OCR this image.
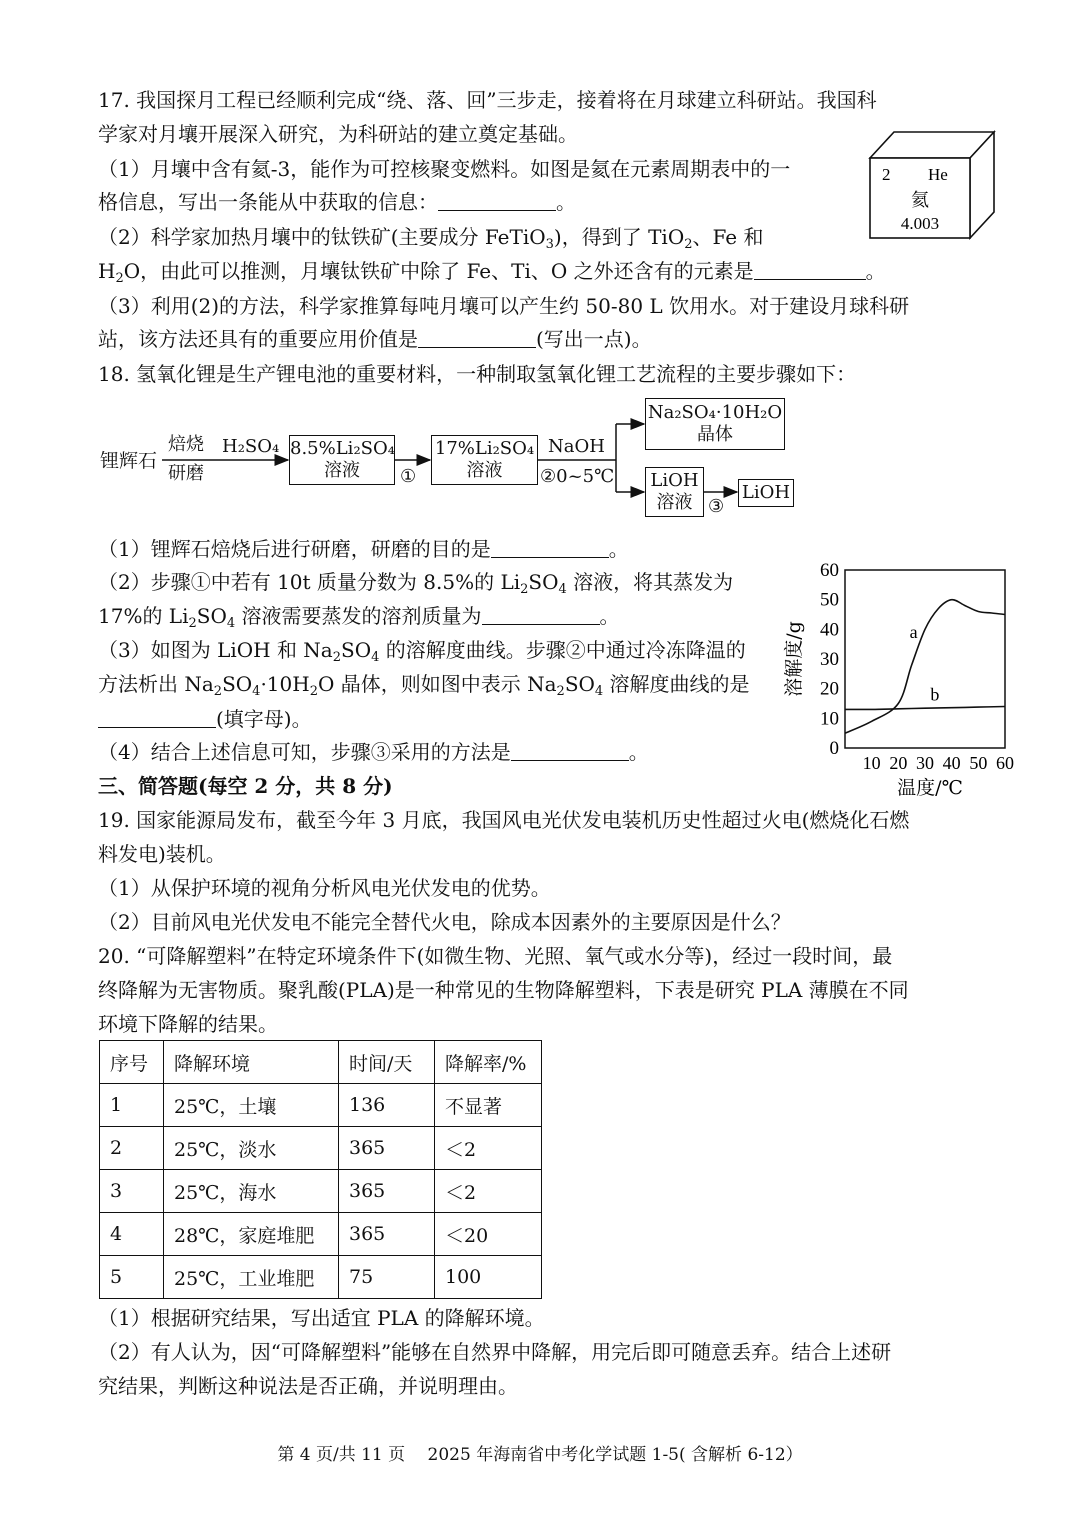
17. 我国探月工程已经顺利完成“绕、落、回”三步走，接着将在月球建立科研站。我国科
学家对月壤开展深入研究，为科研站的建立奠定基础。
（1）月壤中含有氦-3，能作为可控核聚变燃料。如图是氦在元素周期表中的一
格信息，写出一条能从中获取的信息：	。
（2）科学家加热月壤中的钛铁矿(主要成分 FeTiO$_3$)，得到了 TiO$_2$、Fe 和
$H_2O$，由此可以推测，月壤钛铁矿中除了 Fe、Ti、O 之外还含有的元素是	。
（3）利用(2)的方法，科学家推算每吨月壤可以产生约 50-80 L 饮用水。对于建设月球科研
站，该方法还具有的重要应用价值是	(写出一点)。
2 He
氦
4.003
18. 氢氧化锂是生产锂电池的重要材料，一种制取氢氧化锂工艺流程的主要步骤如下：
锂辉石
焙烧
研磨
H₂SO₄ 8.5%Li₂SO₄
溶液	①
17%Li₂SO₄
溶液
NaOH
②0~5℃
Na₂SO₄·10H₂O
晶体
LiOH
溶液 ③
LiOH
（1）锂辉石焙烧后进行研磨，研磨的目的是	。
（2）步骤①中若有 10t 质量分数为 8.5%的 $Li_2SO_4$ 溶液，将其蒸发为
17%的 $Li_2SO_4$ 溶液需要蒸发的溶剂质量为	。
（3）如图为 LiOH 和 $Na_2SO_4$ 的溶解度曲线。步骤②中通过冷冻降温的
方法析出 $Na_2SO_4\cdot 10H_2O$ 晶体，则如图中表示 $Na_2SO_4$ 溶解度曲线的是
(填字母)。
（4）结合上述信息可知，步骤③采用的方法是	。	0
10
20
30
40
50
60
10 20 30 40 50 60
a
b
溶解度/g
温度/℃
三、简答题(每空 2 分，共 8 分)
19. 国家能源局发布，截至今年 3 月底，我国风电光伏发电装机历史性超过火电(燃烧化石燃
料发电)装机。
（1）从保护环境的视角分析风电光伏发电的优势。
（2）目前风电光伏发电不能完全替代火电，除成本因素外的主要原因是什么？
20. “可降解塑料”在特定环境条件下(如微生物、光照、氧气或水分等)，经过一段时间，最
终降解为无害物质。聚乳酸(PLA)是一种常见的生物降解塑料，下表是研究 PLA 薄膜在不同
环境下降解的结果。
序号	降解环境	时间/天	降解率/%
1	25℃，土壤	136	不显著
2	25℃，淡水	365	＜2
3	25℃，海水	365	＜2
4	28℃，家庭堆肥	365	＜20
5	25℃，工业堆肥	75	100
（1）根据研究结果，写出适宜 PLA 的降解环境。
（2）有人认为，因“可降解塑料”能够在自然界中降解，用完后即可随意丢弃。结合上述研
究结果，判断这种说法是否正确，并说明理由。
第 4 页/共 11 页　 2025 年海南省中考化学试题 1-5( 含解析 6-12）
